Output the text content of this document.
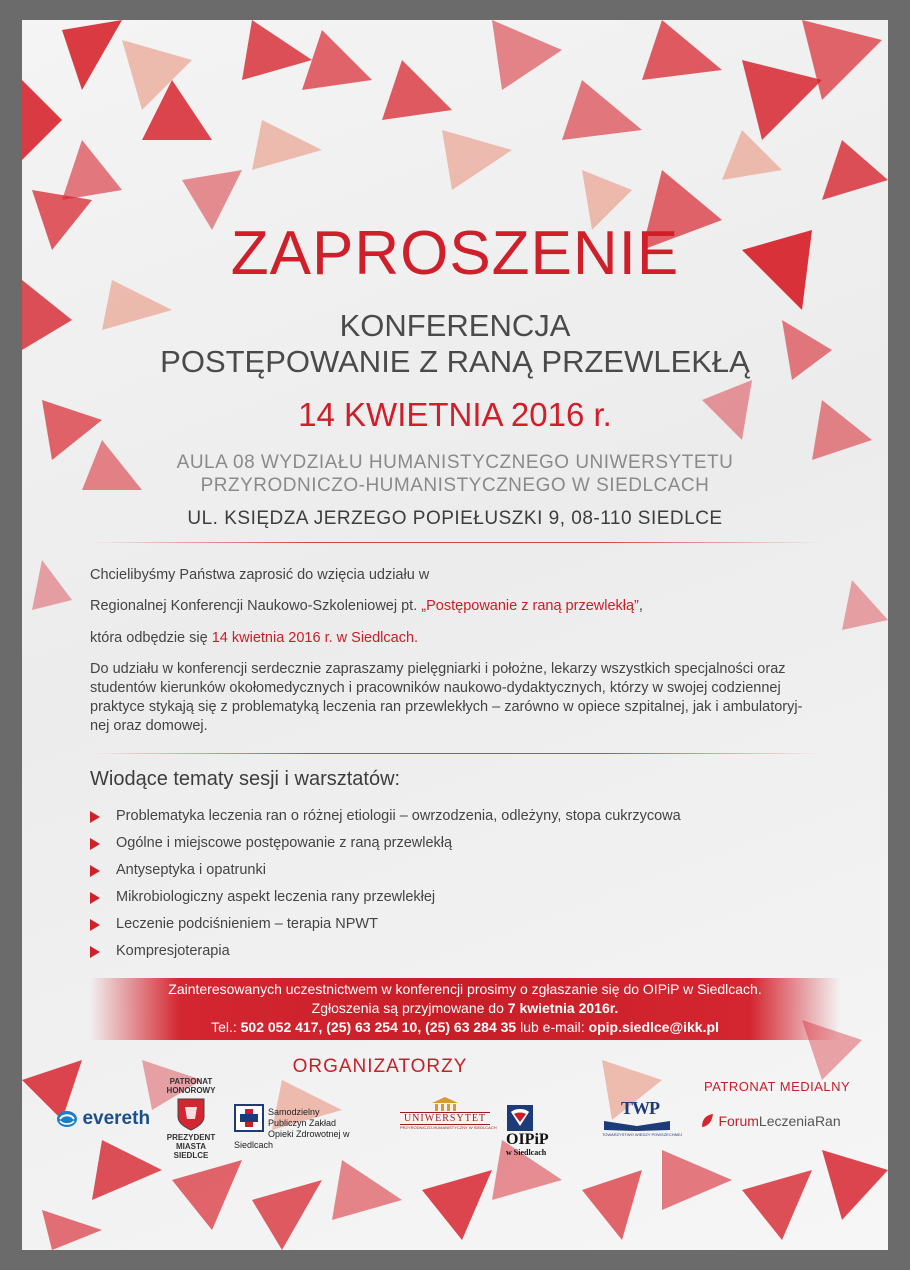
ZAPROSZENIE

KONFERENCJA

POSTĘPOWANIE Z RANĄ PRZEWLEKŁĄ

14 KWIETNIA 2016 r.

AULA 08 WYDZIAŁU HUMANISTYCZNEGO UNIWERSYTETU

PRZYRODNICZO-HUMANISTYCZNEGO W SIEDLCACH

UL. KSIĘDZA JERZEGO POPIEŁUSZKI 9, 08-110 SIEDLCE

Chcielibyśmy Państwa zaprosić do wzięcia udziału w

Regionalnej Konferencji Naukowo-Szkoleniowej pt. „Postępowanie z raną przewlekłą”,

która odbędzie się 14 kwietnia 2016 r. w Siedlcach.

Do udziału w konferencji serdecznie zapraszamy pielęgniarki i położne, lekarzy wszystkich specjalności oraz studentów kierunków okołomedycznych i pracowników naukowo-dydaktycznych, którzy w swojej codziennej praktyce stykają się z problematyką leczenia ran przewlekłych – zarówno w opiece szpitalnej, jak i ambulatoryj-nej oraz domowej.

Wiodące tematy sesji i warsztatów:
Problematyka leczenia ran o różnej etiologii – owrzodzenia, odleżyny, stopa cukrzycowa
Ogólne i miejscowe postępowanie z raną przewlekłą
Antyseptyka i opatrunki
Mikrobiologiczny aspekt leczenia rany przewlekłej
Leczenie podciśnieniem – terapia NPWT
Kompresjoterapia
Zainteresowanych uczestnictwem w konferencji prosimy o zgłaszanie się do OIPiP w Siedlcach.
Zgłoszenia są przyjmowane do 7 kwietnia 2016r.
Tel.: 502 052 417, (25) 63 254 10, (25) 63 284 35 lub e-mail: opip.siedlce@ikk.pl

ORGANIZATORZY

PATRONAT MEDIALNY

evereth
PATRONAT
HONOROWY
PREZYDENT
MIASTA
SIEDLCE
Samodzielny Publiczyn Zakład
Opieki Zdrowotnej w Siedlcach
UNIWERSYTET
PRZYRODNICZO-HUMANISTYCZNY W SIEDLCACH
OIPiP
w Siedlcach
TWP
TOWARZYSTWO WIEDZY POWSZECHNEJ
ForumLeczeniaRan
